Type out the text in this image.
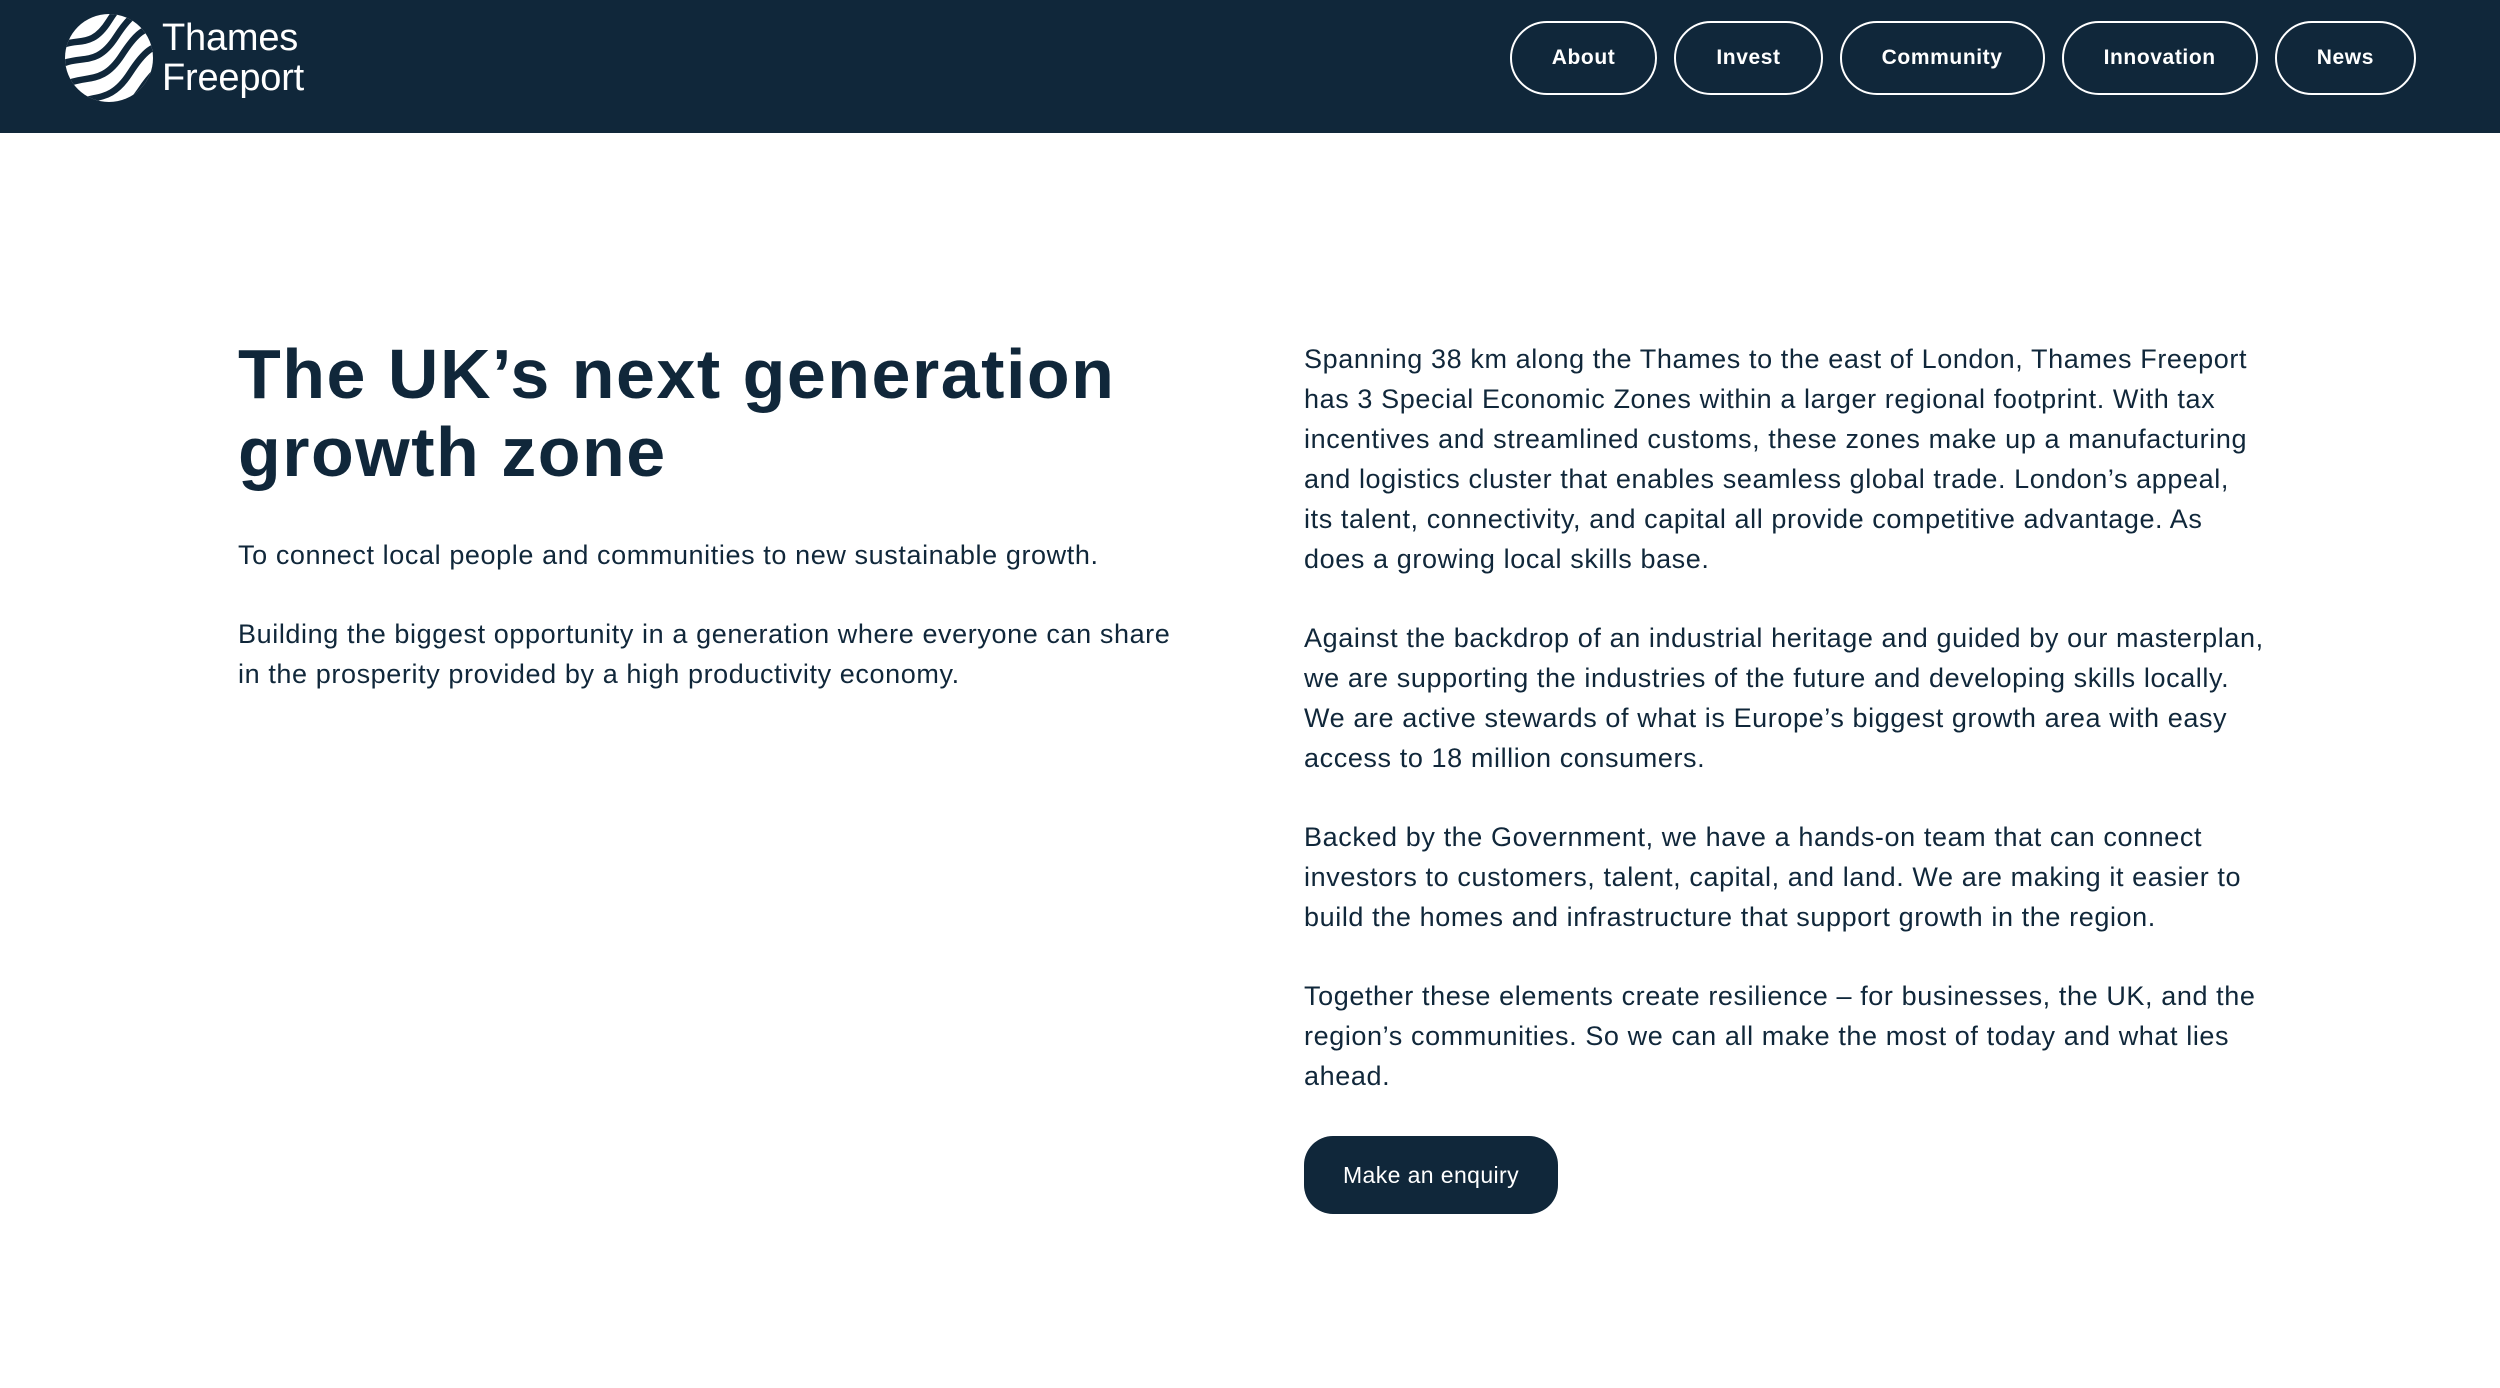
Thames
Freeport	About	Invest	Community	Innovation	News
The UK’s next generation growth zone

To connect local people and communities to new sustainable growth.

Building the biggest opportunity in a generation where everyone can share in the prosperity provided by a high productivity economy.

Spanning 38 km along the Thames to the east of London, Thames Freeport has 3 Special Economic Zones within a larger regional footprint. With tax incentives and streamlined customs, these zones make up a manufacturing and logistics cluster that enables seamless global trade. London’s appeal, its talent, connectivity, and capital all provide competitive advantage. As does a growing local skills base.

Against the backdrop of an industrial heritage and guided by our masterplan, we are supporting the industries of the future and developing skills locally. We are active stewards of what is Europe’s biggest growth area with easy access to 18 million consumers.

Backed by the Government, we have a hands-on team that can connect investors to customers, talent, capital, and land. We are making it easier to build the homes and infrastructure that support growth in the region.

Together these elements create resilience – for businesses, the UK, and the region’s communities. So we can all make the most of today and what lies ahead.

Make an enquiry
